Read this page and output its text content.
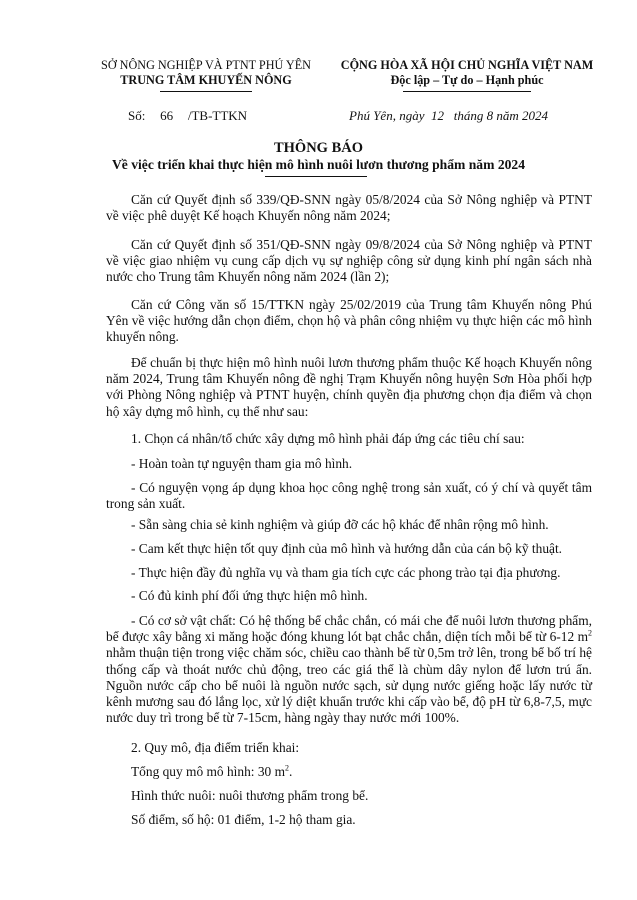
SỞ NÔNG NGHIỆP VÀ PTNT PHÚ YÊN
TRUNG TÂM KHUYẾN NÔNG
CỘNG HÒA XÃ HỘI CHỦ NGHĨA VIỆT NAM
Độc lập – Tự do – Hạnh phúc
Số: 66 /TB-TTKN	Phú Yên, ngày  12   tháng 8 năm 2024
THÔNG BÁO
Về việc triển khai thực hiện mô hình nuôi lươn thương phẩm năm 2024

Căn cứ Quyết định số 339/QĐ-SNN ngày 05/8/2024 của Sở Nông nghiệp và PTNT về việc phê duyệt Kế hoạch Khuyến nông năm 2024;

Căn cứ Quyết định số 351/QĐ-SNN ngày 09/8/2024 của Sở Nông nghiệp và PTNT về việc giao nhiệm vụ cung cấp dịch vụ sự nghiệp công sử dụng kinh phí ngân sách nhà nước cho Trung tâm Khuyến nông năm 2024 (lần 2);

Căn cứ Công văn số 15/TTKN ngày 25/02/2019 của Trung tâm Khuyến nông Phú Yên về việc hướng dẫn chọn điểm, chọn hộ và phân công nhiệm vụ thực hiện các mô hình khuyến nông.

Để chuẩn bị thực hiện mô hình nuôi lươn thương phẩm thuộc Kế hoạch Khuyến nông năm 2024, Trung tâm Khuyến nông đề nghị Trạm Khuyến nông huyện Sơn Hòa phối hợp với Phòng Nông nghiệp và PTNT huyện, chính quyền địa phương chọn địa điểm và chọn hộ xây dựng mô hình, cụ thể như sau:

1. Chọn cá nhân/tổ chức xây dựng mô hình phải đáp ứng các tiêu chí sau:
- Hoàn toàn tự nguyện tham gia mô hình.

- Có nguyện vọng áp dụng khoa học công nghệ trong sản xuất, có ý chí và quyết tâm trong sản xuất.

- Sẵn sàng chia sẻ kinh nghiệm và giúp đỡ các hộ khác để nhân rộng mô hình.
- Cam kết thực hiện tốt quy định của mô hình và hướng dẫn của cán bộ kỹ thuật.
- Thực hiện đầy đủ nghĩa vụ và tham gia tích cực các phong trào tại địa phương.
- Có đủ kinh phí đối ứng thực hiện mô hình.

- Có cơ sở vật chất: Có hệ thống bể chắc chắn, có mái che để nuôi lươn thương phẩm, bể được xây bằng xi măng hoặc đóng khung lót bạt chắc chắn, diện tích mỗi bể từ 6-12 $m^2$ nhằm thuận tiện trong việc chăm sóc, chiều cao thành bể từ 0,5m trở lên, trong bể bố trí hệ thống cấp và thoát nước chủ động, treo các giá thể là chùm dây nylon để lươn trú ẩn. Nguồn nước cấp cho bể nuôi là nguồn nước sạch, sử dụng nước giếng hoặc lấy nước từ kênh mương sau đó lắng lọc, xử lý diệt khuẩn trước khi cấp vào bể, độ pH từ 6,8-7,5, mực nước duy trì trong bể từ 7-15cm, hàng ngày thay nước mới 100%.

2. Quy mô, địa điểm triển khai:
Tổng quy mô mô hình: 30 $m^2$.
Hình thức nuôi: nuôi thương phẩm trong bể.
Số điểm, số hộ: 01 điểm, 1-2 hộ tham gia.
